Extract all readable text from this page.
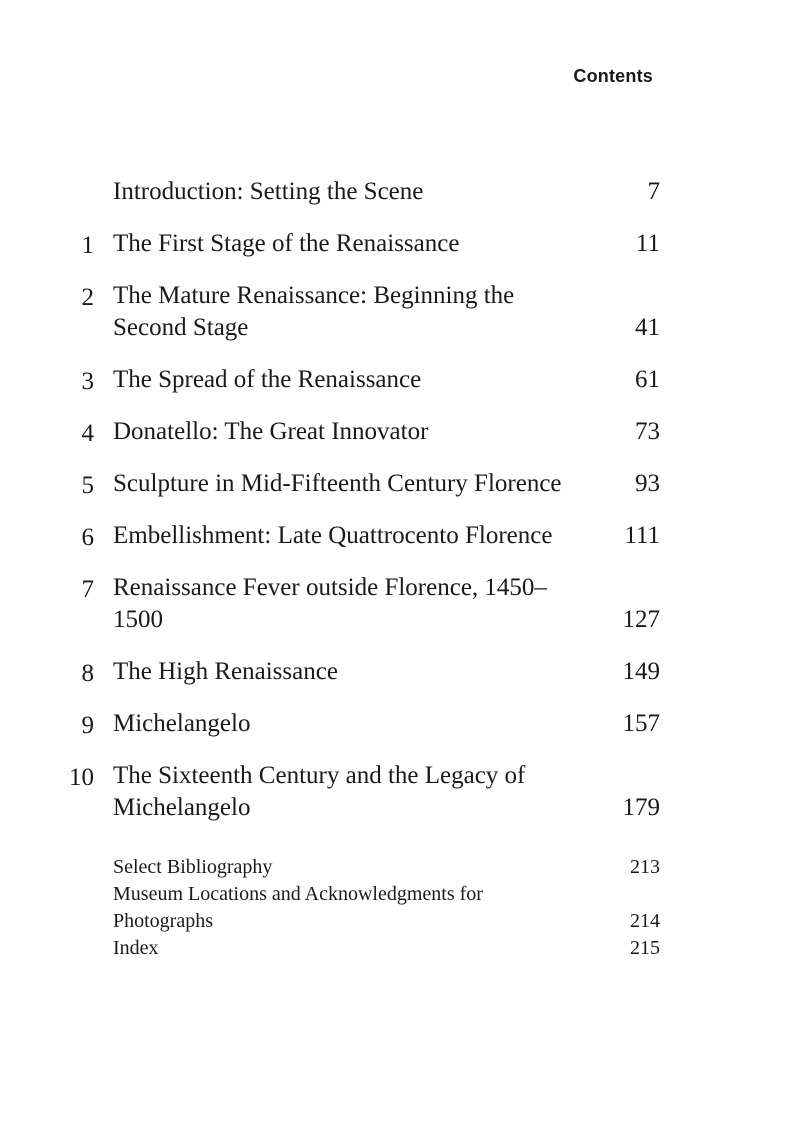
Contents
Introduction: Setting the Scene	7
1 The First Stage of the Renaissance	11
2 The Mature Renaissance: Beginning the Second Stage	41
3 The Spread of the Renaissance	61
4 Donatello: The Great Innovator	73
5 Sculpture in Mid-Fifteenth Century Florence	93
6 Embellishment: Late Quattrocento Florence	111
7 Renaissance Fever outside Florence, 1450–1500	127
8 The High Renaissance	149
9 Michelangelo	157
10 The Sixteenth Century and the Legacy of Michelangelo	179
Select Bibliography	213
Museum Locations and Acknowledgments for Photographs	214
Index	215
